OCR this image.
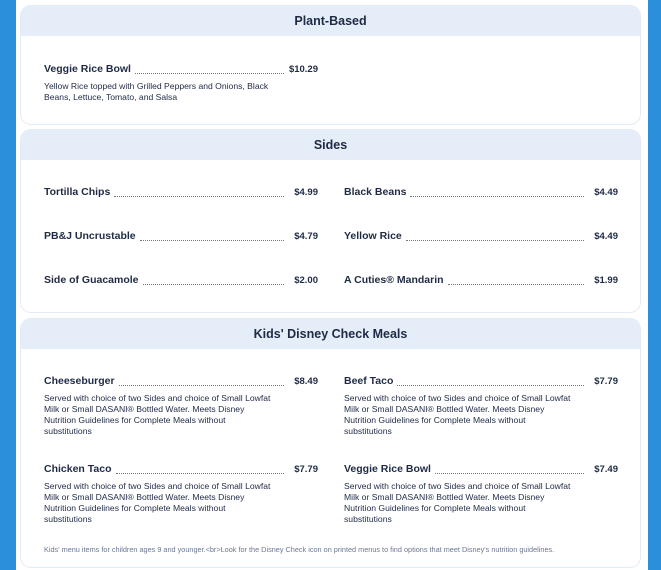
Plant-Based
Veggie Rice Bowl	$10.29
Yellow Rice topped with Grilled Peppers and Onions, Black Beans, Lettuce, Tomato, and Salsa
Sides
Tortilla Chips	$4.99 Black Beans	$4.49
PB&J Uncrustable	$4.79 Yellow Rice	$4.49
Side of Guacamole	$2.00 A Cuties® Mandarin	$1.99
Kids' Disney Check Meals
Cheeseburger	$8.49
Served with choice of two Sides and choice of Small Lowfat Milk or Small DASANI® Bottled Water. Meets Disney Nutrition Guidelines for Complete Meals without substitutions
Beef Taco	$7.79
Served with choice of two Sides and choice of Small Lowfat Milk or Small DASANI® Bottled Water. Meets Disney Nutrition Guidelines for Complete Meals without substitutions
Chicken Taco	$7.79
Served with choice of two Sides and choice of Small Lowfat Milk or Small DASANI® Bottled Water. Meets Disney Nutrition Guidelines for Complete Meals without substitutions
Veggie Rice Bowl	$7.49
Served with choice of two Sides and choice of Small Lowfat Milk or Small DASANI® Bottled Water. Meets Disney Nutrition Guidelines for Complete Meals without substitutions
Kids' menu items for children ages 9 and younger.<br>Look for the Disney Check icon on printed menus to find options that meet Disney's nutrition guidelines.
